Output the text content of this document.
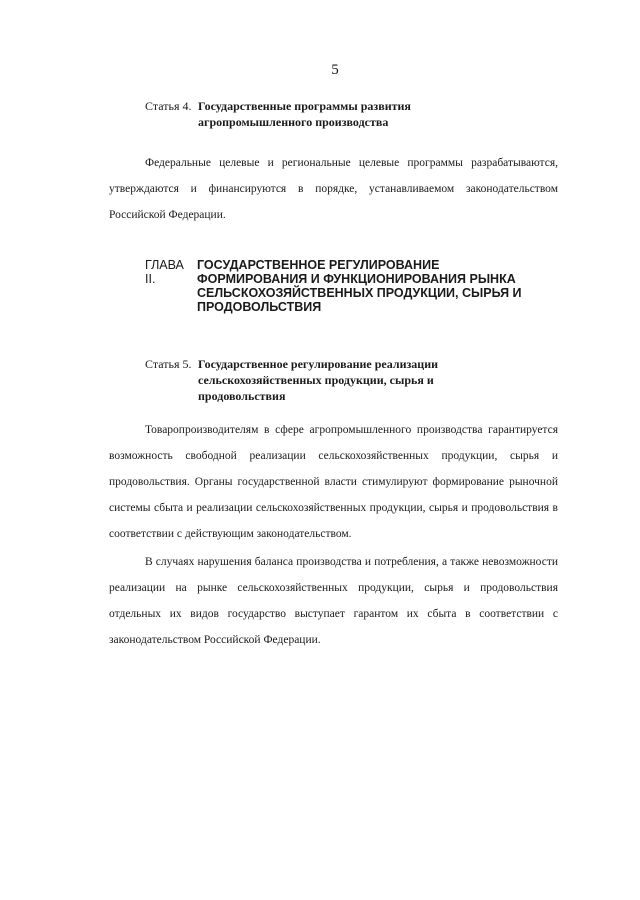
5
Статья 4. Государственные программы развития агропромышленного производства

Федеральные целевые и региональные целевые программы разрабатываются, утверждаются и финансируются в порядке, устанавливаемом законодательством Российской Федерации.

ГЛАВА II.ГОСУДАРСТВЕННОЕ РЕГУЛИРОВАНИЕ ФОРМИРОВАНИЯ И ФУНКЦИОНИРОВАНИЯ РЫНКА СЕЛЬСКОХОЗЯЙСТВЕННЫХ ПРОДУКЦИИ, СЫРЬЯ И ПРОДОВОЛЬСТВИЯ
Статья 5. Государственное регулирование реализации сельскохозяйственных продукции, сырья и продовольствия

Товаропроизводителям в сфере агропромышленного производства гарантируется возможность свободной реализации сельскохозяйственных продукции, сырья и продовольствия. Органы государственной власти стимулируют формирование рыночной системы сбыта и реализации сельскохозяйственных продукции, сырья и продовольствия в соответствии с действующим законодательством.

В случаях нарушения баланса производства и потребления, а также невозможности реализации на рынке сельскохозяйственных продукции, сырья и продовольствия отдельных их видов государство выступает гарантом их сбыта в соответствии с законодательством Российской Федерации.
